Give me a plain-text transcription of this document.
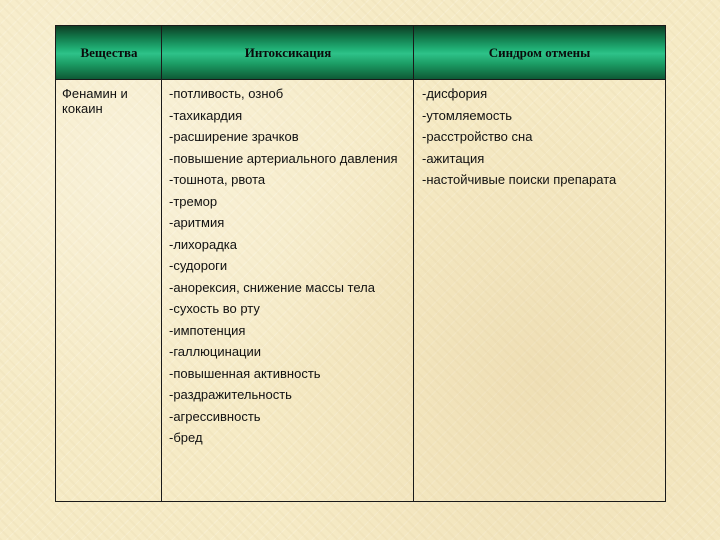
Вещества	Интоксикация	Синдром отмены
Фенамин и кокаин
-потливость, озноб
-тахикардия
-расширение зрачков
-повышение артериального давления
-тошнота, рвота
-тремор
-аритмия
-лихорадка
-судороги
-анорексия, снижение массы тела
-сухость во рту
-импотенция
-галлюцинации
-повышенная активность
-раздражительность
-агрессивность
-бред
-дисфория
-утомляемость
-расстройство сна
-ажитация
-настойчивые поиски препарата
